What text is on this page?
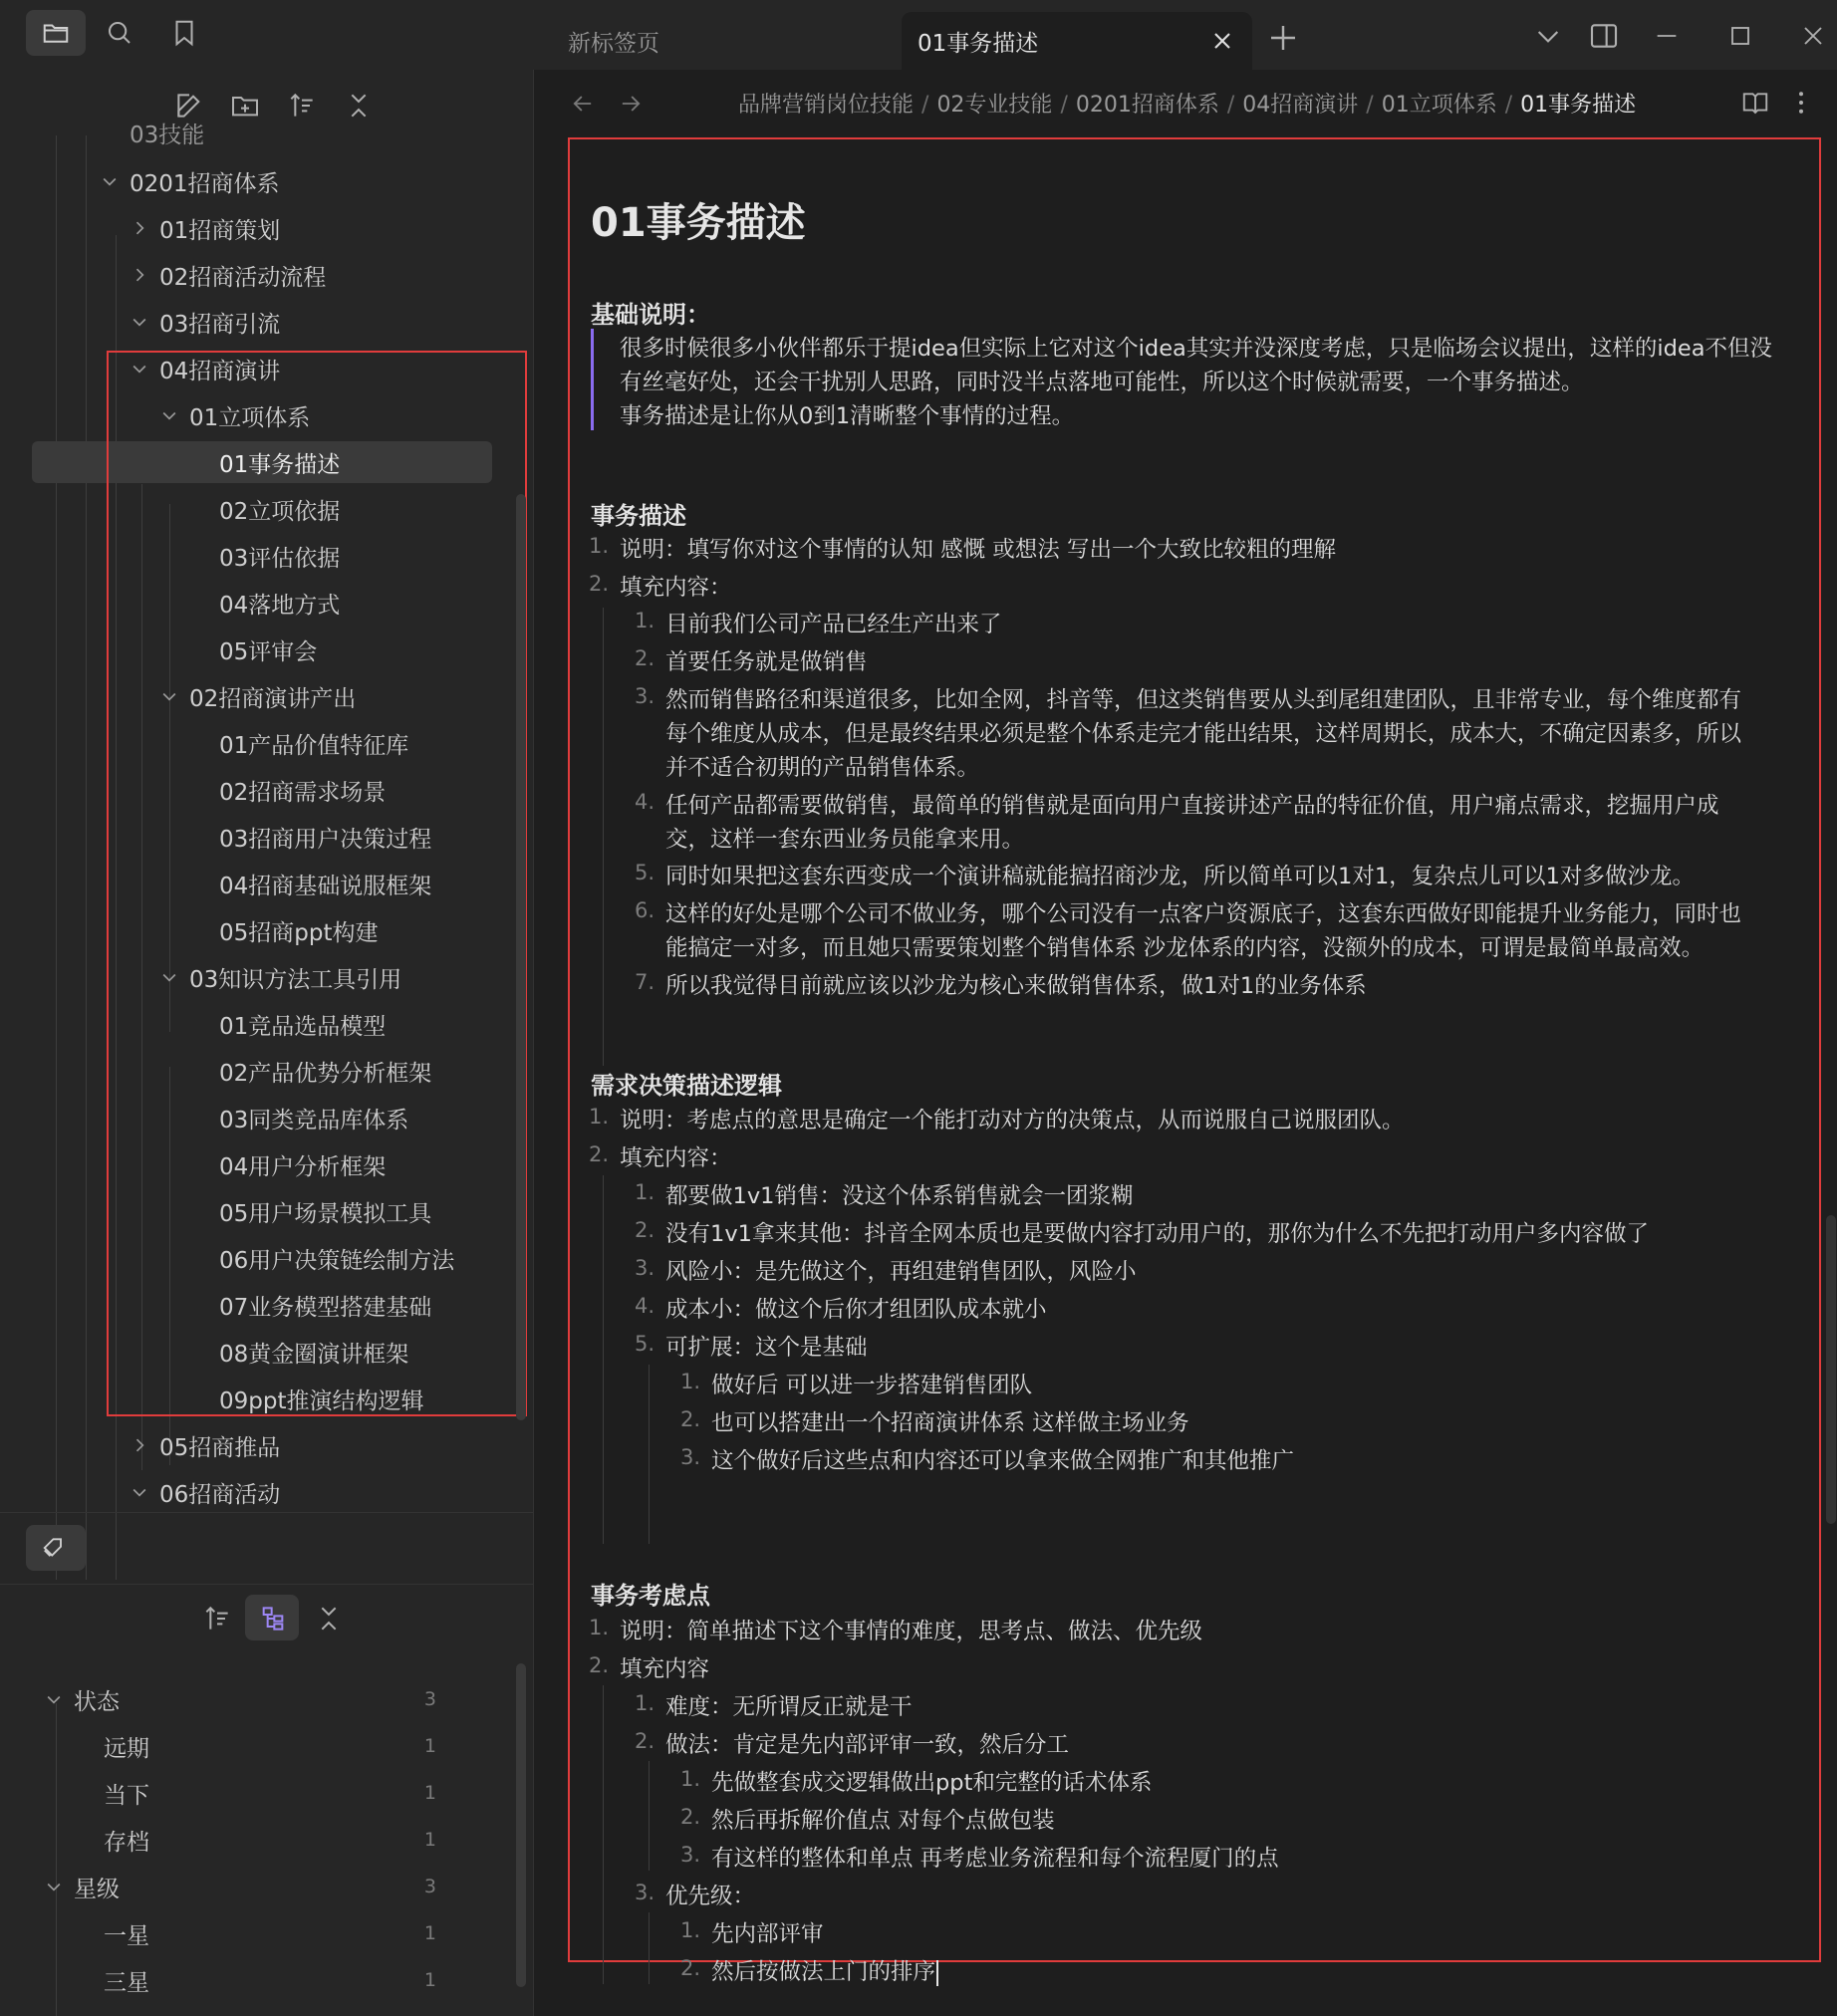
新标签页	01事务描述
03技能
0201招商体系
01招商策划
02招商活动流程
03招商引流
04招商演讲
01立项体系
01事务描述
02立项依据
03评估依据
04落地方式
05评审会
02招商演讲产出
01产品价值特征库
02招商需求场景
03招商用户决策过程
04招商基础说服框架
05招商ppt构建
03知识方法工具引用
01竞品选品模型
02产品优势分析框架
03同类竞品库体系
04用户分析框架
05用户场景模拟工具
06用户决策链绘制方法
07业务模型搭建基础
08黄金圈演讲框架
09ppt推演结构逻辑
05招商推品
06招商活动
状态	3
远期	1
当下	1
存档	1
星级	3
一星	1
三星	1
品牌营销岗位技能 / 02专业技能 / 0201招商体系 / 04招商演讲 / 01立项体系 / 01事务描述
01事务描述
基础说明：
很多时候很多小伙伴都乐于提idea但实际上它对这个idea其实并没深度考虑，只是临场会议提出，这样的idea不但没
有丝毫好处，还会干扰别人思路，同时没半点落地可能性，所以这个时候就需要，一个事务描述。
事务描述是让你从0到1清晰整个事情的过程。
事务描述
1. 说明：填写你对这个事情的认知 感慨 或想法 写出一个大致比较粗的理解
2. 填充内容：
1. 目前我们公司产品已经生产出来了
2. 首要任务就是做销售
3. 然而销售路径和渠道很多，比如全网，抖音等，但这类销售要从头到尾组建团队，且非常专业，每个维度都有
每个维度从成本，但是最终结果必须是整个体系走完才能出结果，这样周期长，成本大，不确定因素多，所以
并不适合初期的产品销售体系。
4. 任何产品都需要做销售，最简单的销售就是面向用户直接讲述产品的特征价值，用户痛点需求，挖掘用户成
交，这样一套东西业务员能拿来用。
5. 同时如果把这套东西变成一个演讲稿就能搞招商沙龙，所以简单可以1对1，复杂点儿可以1对多做沙龙。
6. 这样的好处是哪个公司不做业务，哪个公司没有一点客户资源底子，这套东西做好即能提升业务能力，同时也
能搞定一对多，而且她只需要策划整个销售体系 沙龙体系的内容，没额外的成本，可谓是最简单最高效。
7. 所以我觉得目前就应该以沙龙为核心来做销售体系，做1对1的业务体系
需求决策描述逻辑
1. 说明：考虑点的意思是确定一个能打动对方的决策点，从而说服自己说服团队。
2. 填充内容：
1. 都要做1v1销售：没这个体系销售就会一团浆糊
2. 没有1v1拿来其他：抖音全网本质也是要做内容打动用户的，那你为什么不先把打动用户多内容做了
3. 风险小：是先做这个，再组建销售团队，风险小
4. 成本小：做这个后你才组团队成本就小
5. 可扩展：这个是基础
1. 做好后 可以进一步搭建销售团队
2. 也可以搭建出一个招商演讲体系 这样做主场业务
3. 这个做好后这些点和内容还可以拿来做全网推广和其他推广
事务考虑点
1. 说明：简单描述下这个事情的难度，思考点、做法、优先级
2. 填充内容
1. 难度：无所谓反正就是干
2. 做法：肯定是先内部评审一致，然后分工
1. 先做整套成交逻辑做出ppt和完整的话术体系
2. 然后再拆解价值点 对每个点做包装
3. 有这样的整体和单点 再考虑业务流程和每个流程厦门的点
3. 优先级：
1. 先内部评审
2. 然后按做法上门的排序
